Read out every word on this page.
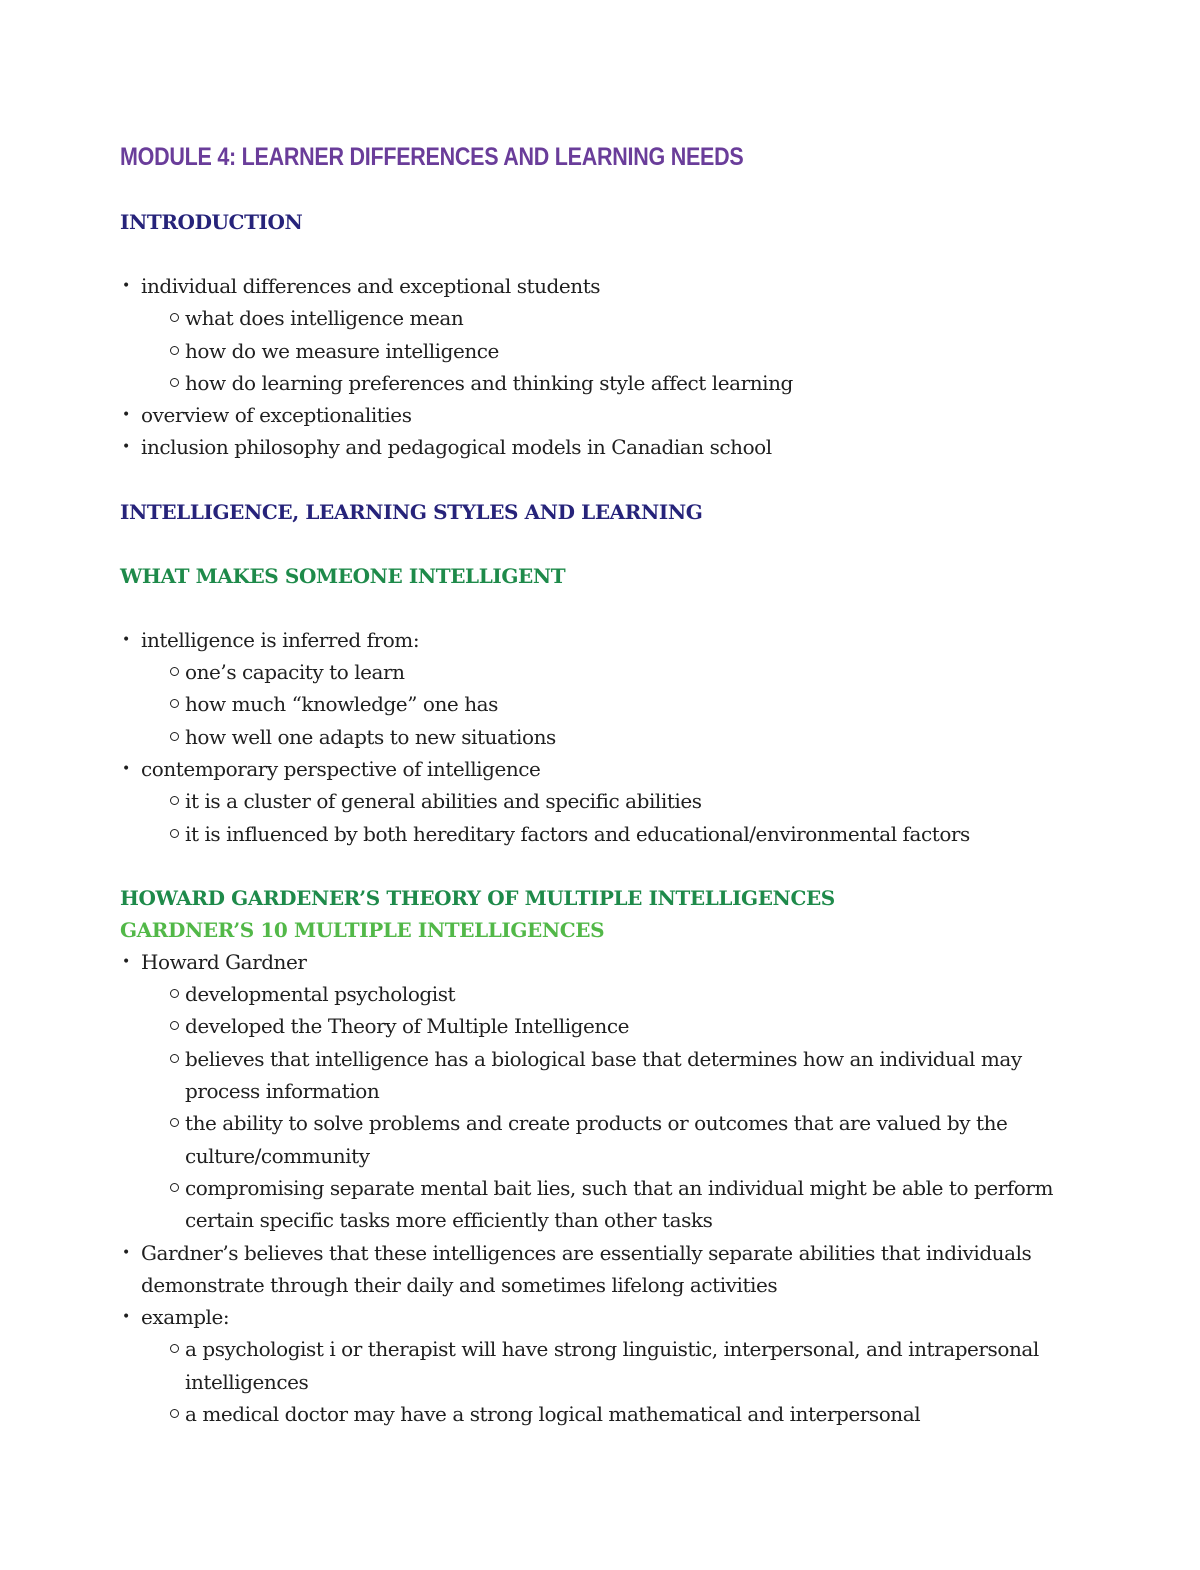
MODULE 4: LEARNER DIFFERENCES AND LEARNING NEEDS
INTRODUCTION
• individual differences and exceptional students
what does intelligence mean
how do we measure intelligence
how do learning preferences and thinking style affect learning
• overview of exceptionalities
• inclusion philosophy and pedagogical models in Canadian school
INTELLIGENCE, LEARNING STYLES AND LEARNING
WHAT MAKES SOMEONE INTELLIGENT
• intelligence is inferred from:
one’s capacity to learn
how much “knowledge” one has
how well one adapts to new situations
• contemporary perspective of intelligence
it is a cluster of general abilities and specific abilities
it is influenced by both hereditary factors and educational/environmental factors
HOWARD GARDENER’S THEORY OF MULTIPLE INTELLIGENCES
GARDNER’S 10 MULTIPLE INTELLIGENCES
• Howard Gardner
developmental psychologist
developed the Theory of Multiple Intelligence
believes that intelligence has a biological base that determines how an individual may process information
the ability to solve problems and create products or outcomes that are valued by the culture/community
compromising separate mental bait lies, such that an individual might be able to perform certain specific tasks more efficiently than other tasks
• Gardner’s believes that these intelligences are essentially separate abilities that individuals demonstrate through their daily and sometimes lifelong activities
• example:
a psychologist i or therapist will have strong linguistic, interpersonal, and intrapersonal intelligences
a medical doctor may have a strong logical mathematical and interpersonal
